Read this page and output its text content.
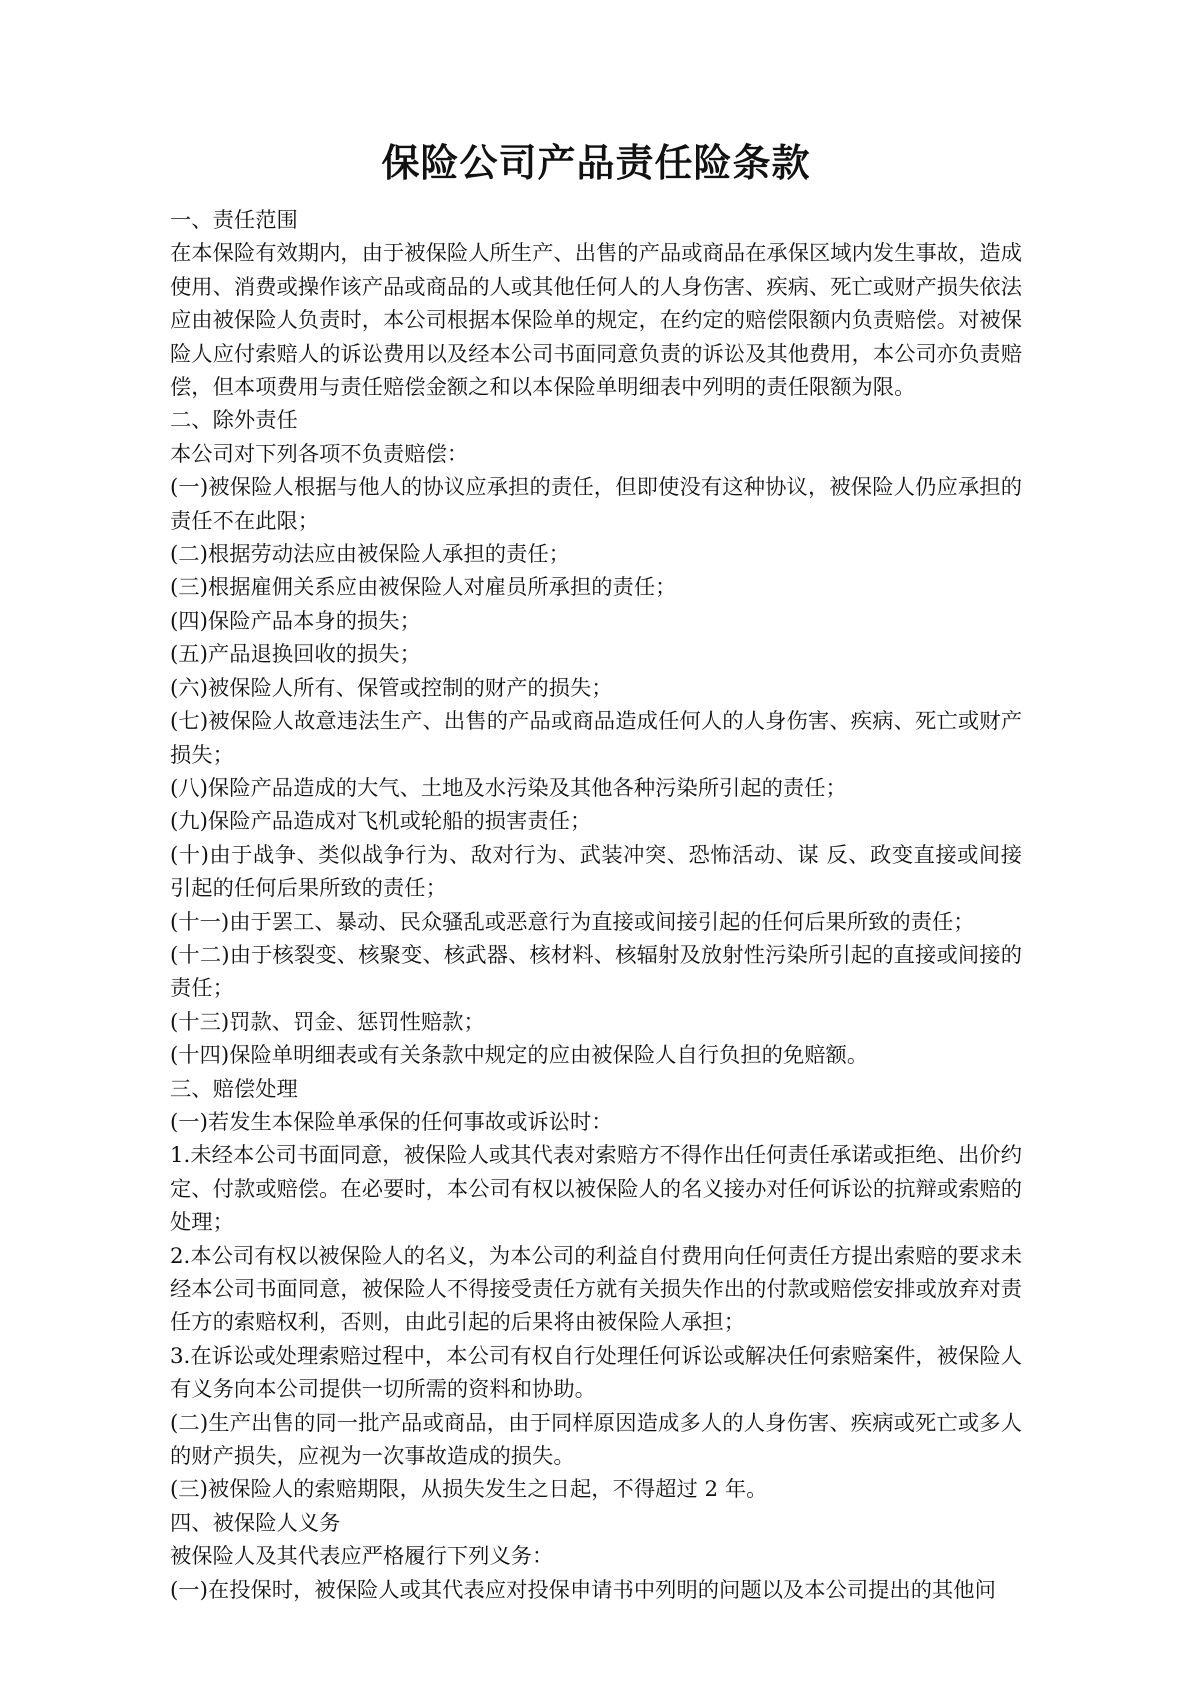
保险公司产品责任险条款

一、责任范围

在本保险有效期内，由于被保险人所生产、出售的产品或商品在承保区域内发生事故，造成使用、消费或操作该产品或商品的人或其他任何人的人身伤害、疾病、死亡或财产损失依法应由被保险人负责时，本公司根据本保险单的规定，在约定的赔偿限额内负责赔偿。对被保险人应付索赔人的诉讼费用以及经本公司书面同意负责的诉讼及其他费用，本公司亦负责赔偿，但本项费用与责任赔偿金额之和以本保险单明细表中列明的责任限额为限。

二、除外责任

本公司对下列各项不负责赔偿：

(一)被保险人根据与他人的协议应承担的责任，但即使没有这种协议，被保险人仍应承担的责任不在此限；

(二)根据劳动法应由被保险人承担的责任；

(三)根据雇佣关系应由被保险人对雇员所承担的责任；

(四)保险产品本身的损失；

(五)产品退换回收的损失；

(六)被保险人所有、保管或控制的财产的损失；

(七)被保险人故意违法生产、出售的产品或商品造成任何人的人身伤害、疾病、死亡或财产损失；

(八)保险产品造成的大气、土地及水污染及其他各种污染所引起的责任；

(九)保险产品造成对飞机或轮船的损害责任；

(十)由于战争、类似战争行为、敌对行为、武装冲突、恐怖活动、谋 反、政变直接或间接引起的任何后果所致的责任；

(十一)由于罢工、暴动、民众骚乱或恶意行为直接或间接引起的任何后果所致的责任；

(十二)由于核裂变、核聚变、核武器、核材料、核辐射及放射性污染所引起的直接或间接的责任；

(十三)罚款、罚金、惩罚性赔款；

(十四)保险单明细表或有关条款中规定的应由被保险人自行负担的免赔额。

三、赔偿处理

(一)若发生本保险单承保的任何事故或诉讼时：

1.未经本公司书面同意，被保险人或其代表对索赔方不得作出任何责任承诺或拒绝、出价约定、付款或赔偿。在必要时，本公司有权以被保险人的名义接办对任何诉讼的抗辩或索赔的处理；

2.本公司有权以被保险人的名义，为本公司的利益自付费用向任何责任方提出索赔的要求未经本公司书面同意，被保险人不得接受责任方就有关损失作出的付款或赔偿安排或放弃对责任方的索赔权利，否则，由此引起的后果将由被保险人承担；

3.在诉讼或处理索赔过程中，本公司有权自行处理任何诉讼或解决任何索赔案件，被保险人有义务向本公司提供一切所需的资料和协助。

(二)生产出售的同一批产品或商品，由于同样原因造成多人的人身伤害、疾病或死亡或多人的财产损失，应视为一次事故造成的损失。

(三)被保险人的索赔期限，从损失发生之日起，不得超过 2 年。

四、被保险人义务

被保险人及其代表应严格履行下列义务：

(一)在投保时，被保险人或其代表应对投保申请书中列明的问题以及本公司提出的其他问
